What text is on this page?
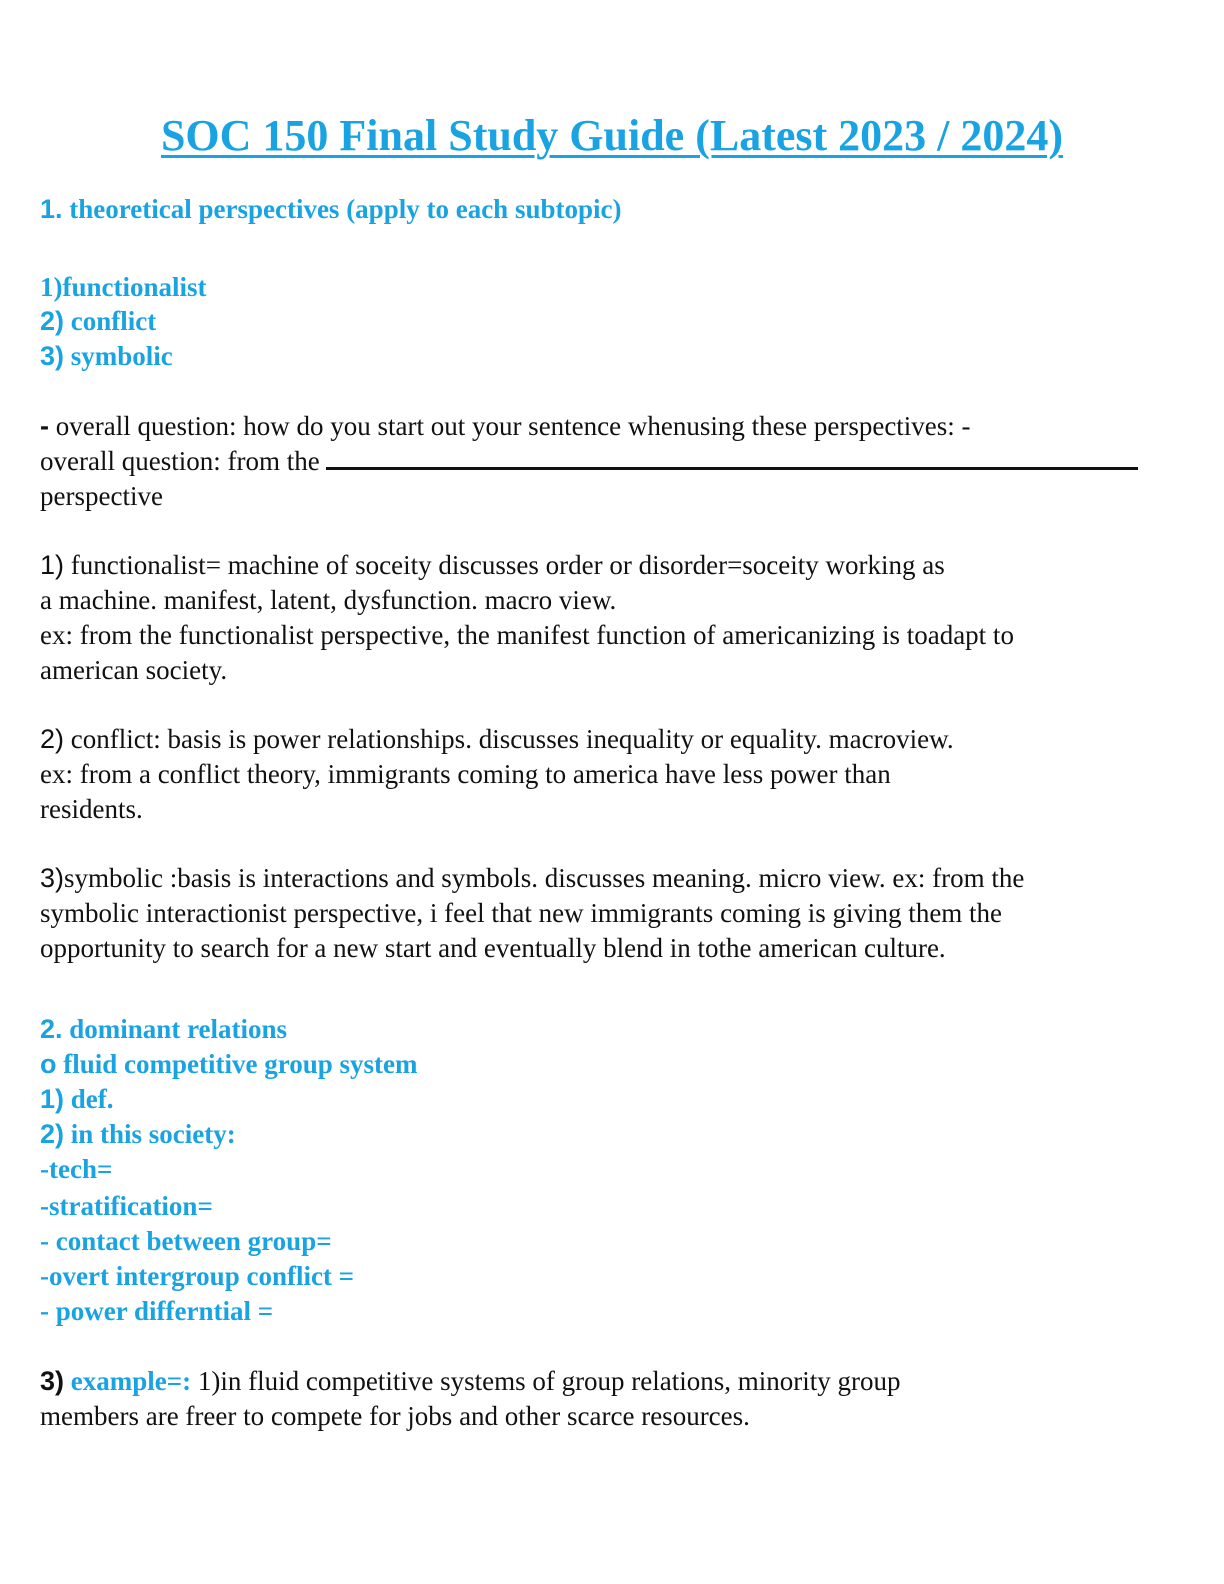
SOC 150 Final Study Guide (Latest 2023 / 2024)

1. theoretical perspectives (apply to each subtopic)

1)functionalist

2) conflict

3) symbolic

- overall question: how do you start out your sentence whenusing these perspectives: -

overall question: from the

perspective

1) functionalist= machine of soceity discusses order or disorder=soceity working as

a machine. manifest, latent, dysfunction. macro view.

ex: from the functionalist perspective, the manifest function of americanizing is toadapt to

american society.

2) conflict: basis is power relationships. discusses inequality or equality. macroview.

ex: from a conflict theory, immigrants coming to america have less power than

residents.

3)symbolic :basis is interactions and symbols. discusses meaning. micro view. ex: from the

symbolic interactionist perspective, i feel that new immigrants coming is giving them the

opportunity to search for a new start and eventually blend in tothe american culture.

2. dominant relations

o fluid competitive group system

1) def.

2) in this society:

-tech=

-stratification=

- contact between group=

-overt intergroup conflict =

- power differntial =

3) example=: 1)in fluid competitive systems of group relations, minority group

members are freer to compete for jobs and other scarce resources.
